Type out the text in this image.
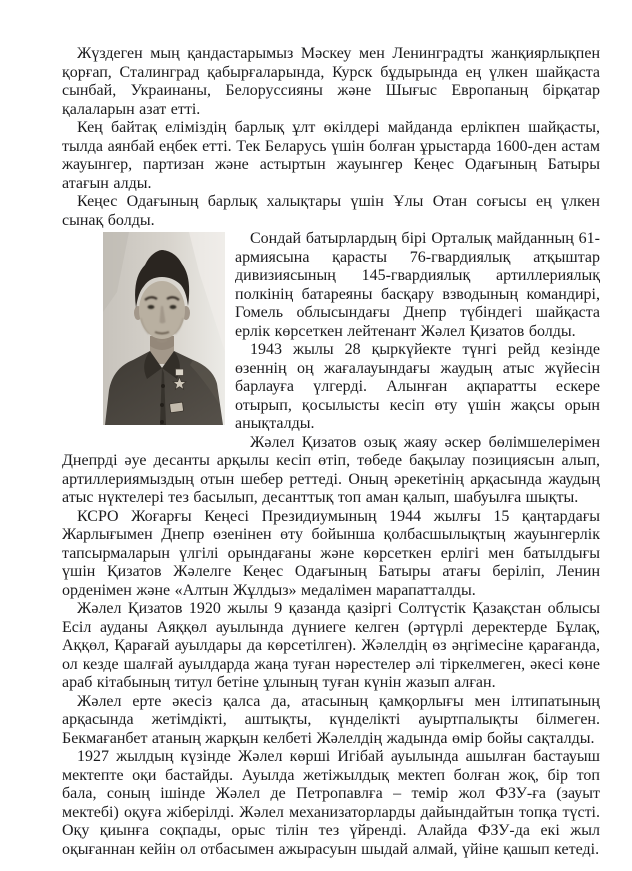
Жүздеген мың қандастарымыз Мәскеу мен Ленинградты жанқиярлықпен қорғап, Сталинград қабырғаларында, Курск бұдырында ең үлкен шайқаста сынбай, Украинаны, Белоруссияны және Шығыс Европаның бірқатар қалаларын азат етті.

Кең байтақ еліміздің барлық ұлт өкілдері майданда ерлікпен шайқасты, тылда аянбай еңбек етті. Тек Беларусь үшін болған ұрыстарда 1600-ден астам жауынгер, партизан және астыртын жауынгер Кеңес Одағының Батыры атағын алды.

Кеңес Одағының барлық халықтары үшін Ұлы Отан соғысы ең үлкен сынақ болды.

Сондай батырлардың бірі Орталық майданның 61-армиясына қарасты 76-гвардиялық атқыштар дивизиясының 145-гвардиялық артиллериялық полкінің батареяны басқару взводының командирі, Гомель облысындағы Днепр түбіндегі шайқаста ерлік көрсеткен лейтенант Жәлел Қизатов болды.

1943 жылы 28 қыркүйекте түнгі рейд кезінде өзеннің оң жағалауындағы жаудың атыс жүйесін барлауға үлгерді. Алынған ақпаратты ескере отырып, қосылысты кесіп өту үшін жақсы орын анықталды.

Жәлел Қизатов озық жаяу әскер бөлімшелерімен Днепрді әуе десанты арқылы кесіп өтіп, төбеде бақылау позициясын алып, артиллериямыздың отын шебер реттеді. Оның әрекетінің арқасында жаудың атыс нүктелері тез басылып, десанттық топ аман қалып, шабуылға шықты.

КСРО Жоғарғы Кеңесі Президиумының 1944 жылғы 15 қаңтардағы Жарлығымен Днепр өзенінен өту бойынша қолбасшылықтың жауынгерлік тапсырмаларын үлгілі орындағаны және көрсеткен ерлігі мен батылдығы үшін Қизатов Жәлелге Кеңес Одағының Батыры атағы беріліп, Ленин орденімен және «Алтын Жұлдыз» медалімен марапатталды.

Жәлел Қизатов 1920 жылы 9 қазанда қазіргі Солтүстік Қазақстан облысы Есіл ауданы Аяққөл ауылында дүниеге келген (әртүрлі деректерде Бұлақ, Аққөл, Қарағай ауылдары да көрсетілген). Жәлелдің өз әңгімесіне қарағанда, ол кезде шалғай ауылдарда жаңа туған нәрестелер әлі тіркелмеген, әкесі көне араб кітабының титул бетіне ұлының туған күнін жазып алған.

Жәлел ерте әкесіз қалса да, атасының қамқорлығы мен ілтипатының арқасында жетімдікті, аштықты, күнделікті ауыртпалықты білмеген. Бекмағанбет атаның жарқын келбеті Жәлелдің жадында өмір бойы сақталды.

1927 жылдың күзінде Жәлел көрші Игібай ауылында ашылған бастауыш мектепте оқи бастайды. Ауылда жетіжылдық мектеп болған жоқ, бір топ бала, соның ішінде Жәлел де Петропавлға – темір жол ФЗУ-ға (зауыт мектебі) оқуға жіберілді. Жәлел механизаторларды дайындайтын топқа түсті. Оқу қиынға соқпады, орыс тілін тез үйренді. Алайда ФЗУ-да екі жыл оқығаннан кейін ол отбасымен ажырасуын шыдай алмай, үйіне қашып кетеді.
